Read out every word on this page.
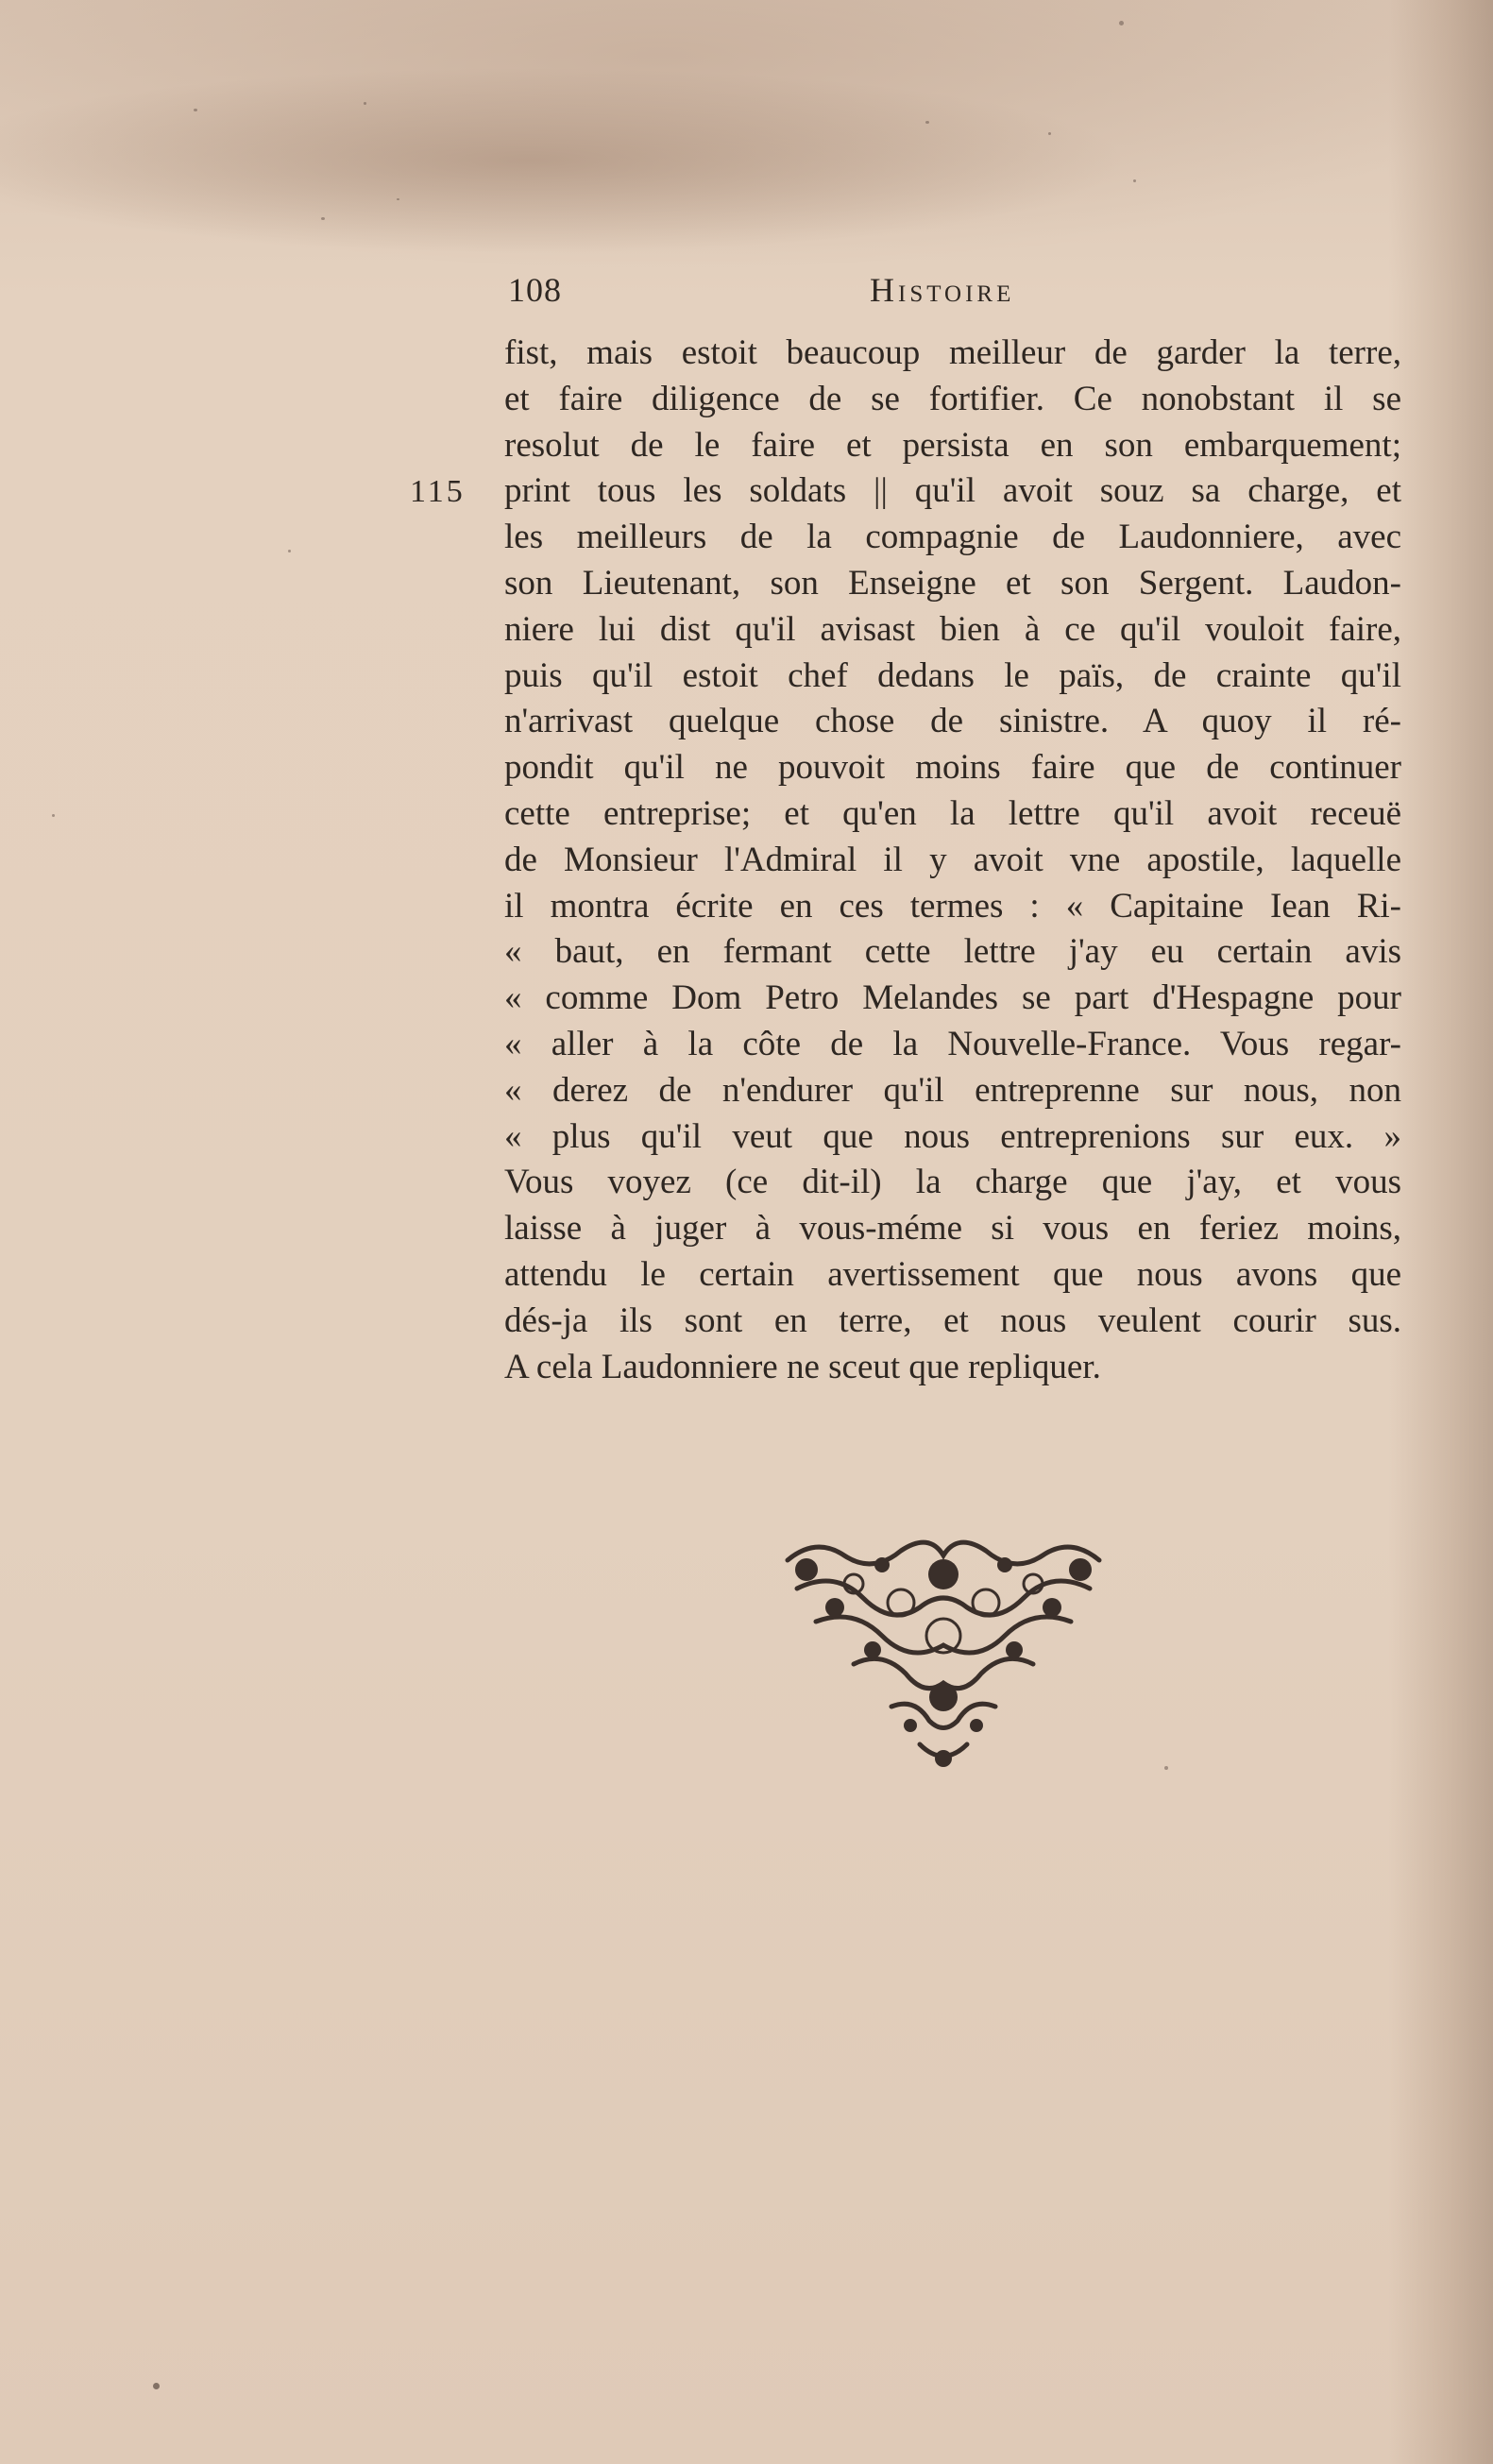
108	Histoire
115
fist, mais estoit beaucoup meilleur de garder la terre,
et faire diligence de se fortifier. Ce nonobstant il se
resolut de le faire et persista en son embarquement;
print tous les soldats || qu'il avoit souz sa charge, et
les meilleurs de la compagnie de Laudonniere, avec
son Lieutenant, son Enseigne et son Sergent. Laudon-
niere lui dist qu'il avisast bien à ce qu'il vouloit faire,
puis qu'il estoit chef dedans le païs, de crainte qu'il
n'arrivast quelque chose de sinistre. A quoy il ré-
pondit qu'il ne pouvoit moins faire que de continuer
cette entreprise; et qu'en la lettre qu'il avoit receuë
de Monsieur l'Admiral il y avoit vne apostile, laquelle
il montra écrite en ces termes : « Capitaine Iean Ri-
« baut, en fermant cette lettre j'ay eu certain avis
« comme Dom Petro Melandes se part d'Hespagne pour
« aller à la côte de la Nouvelle-France. Vous regar-
« derez de n'endurer qu'il entreprenne sur nous, non
« plus qu'il veut que nous entreprenions sur eux. »
Vous voyez (ce dit-il) la charge que j'ay, et vous
laisse à juger à vous-méme si vous en feriez moins,
attendu le certain avertissement que nous avons que
dés-ja ils sont en terre, et nous veulent courir sus.
A cela Laudonniere ne sceut que repliquer.
